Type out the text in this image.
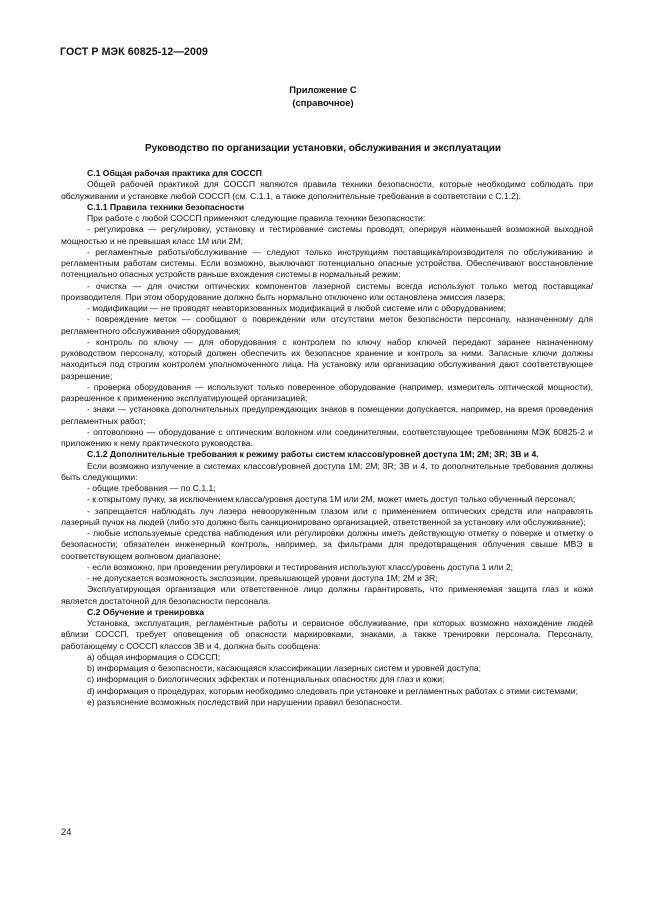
ГОСТ Р МЭК 60825-12—2009
Приложение С
(справочное)
Руководство по организации установки, обслуживания и эксплуатации

С.1 Общая рабочая практика для СОССП

Общей рабочей практикой для СОССП являются правила техники безопасности, которые необходимо соблюдать при обслуживании и установке любой СОССП (см. С.1.1, а также дополнительные требования в соответствии с С.1.2).

С.1.1 Правила техники безопасности

При работе с любой СОССП применяют следующие правила техники безопасности:

- регулировка — регулировку, установку и тестирование системы проводят, оперируя наименьшей возможной выходной мощностью и не превышая класс 1М или 2М;

- регламентные работы/обслуживание — следуют только инструкциям поставщика/производителя по обслуживанию и регламентным работам системы. Если возможно, выключают потенциально опасные устройства. Обеспечивают восстановление потенциально опасных устройств раньше вхождения системы в нормальный режим;

- очистка — для очистки оптических компонентов лазерной системы всегда используют только метод поставщика/производителя. При этом оборудование должно быть нормально отключено или остановлена эмиссия лазера;

- модификации — не проводят неавторизованных модификаций в любой системе или с оборудованием;

- повреждение меток — сообщают о повреждении или отсутствии меток безопасности персоналу, назначенному для регламентного обслуживания оборудования;

- контроль по ключу — для оборудования с контролем по ключу набор ключей передают заранее назначенному руководством персоналу, который должен обеспечить их безопасное хранение и контроль за ними. Запасные ключи должны находиться под строгим контролем уполномоченного лица. На установку или организацию обслуживания дают соответствующее разрешение;

- проверка оборудования — используют только поверенное оборудование (например, измеритель оптической мощности), разрешенное к применению эксплуатирующей организацией;

- знаки — установка дополнительных предупреждающих знаков в помещении допускается, например, на время проведения регламентных работ;

- оптоволокно — оборудование с оптическим волокном или соединителями, соответствующее требованиям МЭК 60825-2 и приложению к нему практического руководства.

С.1.2 Дополнительные требования к режиму работы систем классов/уровней доступа 1М; 2М; 3R; 3В и 4.

Если возможно излучение в системах классов/уровней доступа 1М; 2М; 3R; 3В и 4, то дополнительные требования должны быть следующими:

- общие требования — по С.1.1;

- к открытому пучку, за исключением класса/уровня доступа 1М или 2М, может иметь доступ только обученный персонал;

- запрещается наблюдать луч лазера невооруженным глазом или с применением оптических средств или направлять лазерный пучок на людей (либо это должно быть санкционировано организацией, ответственной за установку или обслуживание);

- любые используемые средства наблюдения или регулировки должны иметь действующую отметку о поверке и отметку о безопасности; обязателен инженерный контроль, например, за фильтрами для предотвращения облучения свыше МВЭ в соответствующем волновом диапазоне;

- если возможно, при проведении регулировки и тестирования используют класс/уровень доступа 1 или 2;

- не допускается возможность экспозиции, превышающей уровни доступа 1М; 2М и 3R;

Эксплуатирующая организация или ответственное лицо должны гарантировать, что применяемая защита глаз и кожи является достаточной для безопасности персонала.

С.2 Обучение и тренировка

Установка, эксплуатация, регламентные работы и сервисное обслуживание, при которых возможно нахождение людей вблизи СОССП, требует оповещения об опасности маркировками, знаками, а также тренировки персонала. Персоналу, работающему с СОССП классов 3В и 4, должна быть сообщена:

а) общая информация о СОССП;

b) информация о безопасности, касающаяся классификации лазерных систем и уровней доступа;

c) информация о биологических эффектах и потенциальных опасностях для глаз и кожи;

d) информация о процедурах, которым необходимо следовать при установке и регламентных работах с этими системами;

е) разъяснение возможных последствий при нарушении правил безопасности.

24
